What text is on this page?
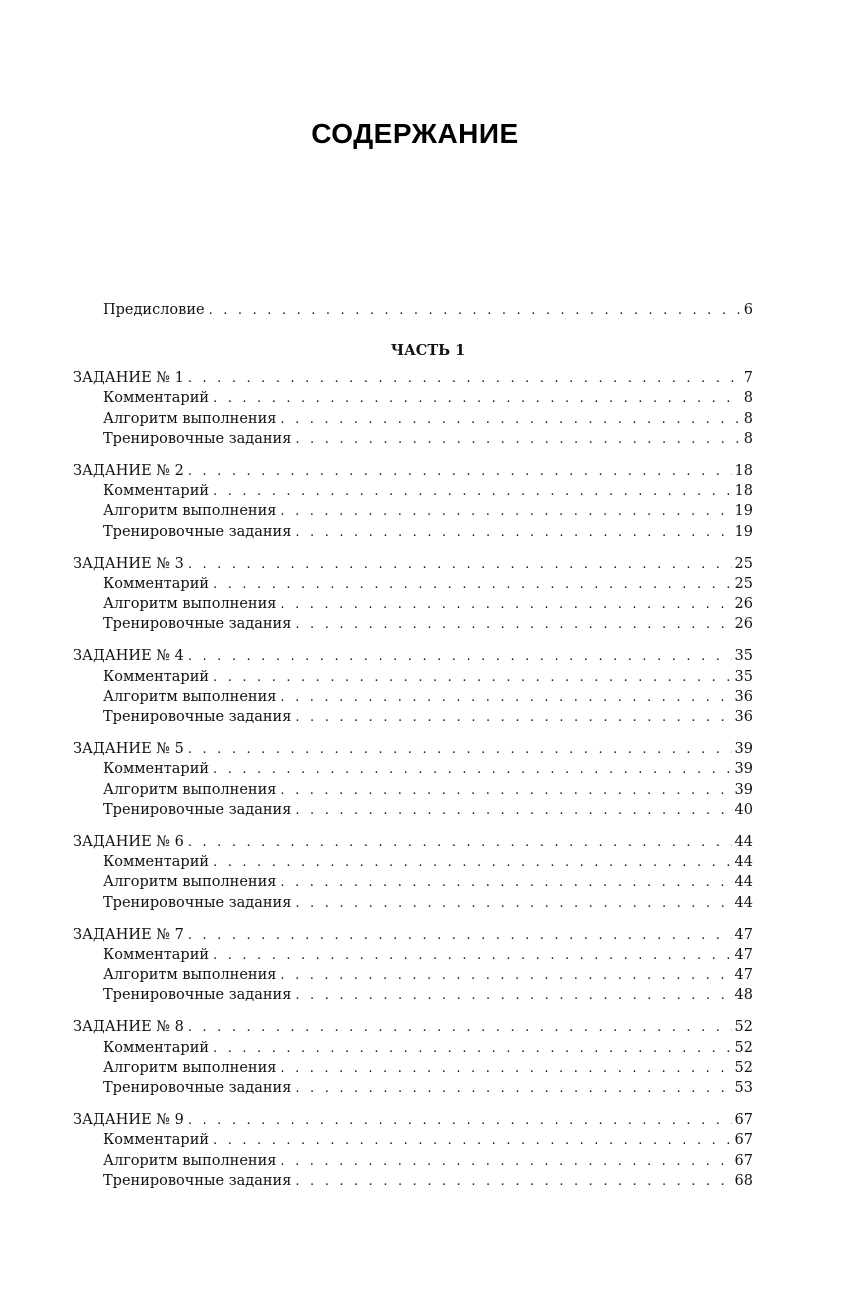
СОДЕРЖАНИЕ
Предисловие . . .	6
ЧАСТЬ 1
ЗАДАНИЕ № 1 . . .	7
Комментарий . . .	8
Алгоритм выполнения . . .	8
Тренировочные задания . . .	8
ЗАДАНИЕ № 2 . . .	18
Комментарий . . .	18
Алгоритм выполнения . . .	19
Тренировочные задания . . .	19
ЗАДАНИЕ № 3 . . .	25
Комментарий . . .	25
Алгоритм выполнения . . .	26
Тренировочные задания . . .	26
ЗАДАНИЕ № 4 . . .	35
Комментарий . . .	35
Алгоритм выполнения . . .	36
Тренировочные задания . . .	36
ЗАДАНИЕ № 5 . . .	39
Комментарий . . .	39
Алгоритм выполнения . . .	39
Тренировочные задания . . .	40
ЗАДАНИЕ № 6 . . .	44
Комментарий . . .	44
Алгоритм выполнения . . .	44
Тренировочные задания . . .	44
ЗАДАНИЕ № 7 . . .	47
Комментарий . . .	47
Алгоритм выполнения . . .	47
Тренировочные задания . . .	48
ЗАДАНИЕ № 8 . . .	52
Комментарий . . .	52
Алгоритм выполнения . . .	52
Тренировочные задания . . .	53
ЗАДАНИЕ № 9 . . .	67
Комментарий . . .	67
Алгоритм выполнения . . .	67
Тренировочные задания . . .	68
